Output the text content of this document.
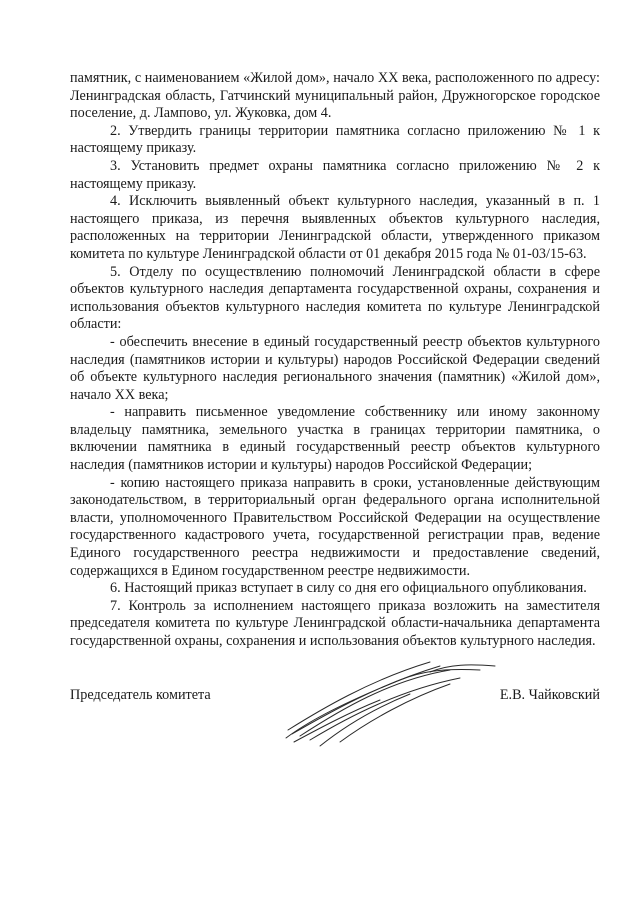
памятник, с наименованием «Жилой дом», начало XX века, расположенного по адресу: Ленинградская область, Гатчинский муниципальный район, Дружногорское городское поселение, д. Лампово, ул. Жуковка, дом 4.

2. Утвердить границы территории памятника согласно приложению № 1 к настоящему приказу.

3. Установить предмет охраны памятника согласно приложению № 2 к настоящему приказу.

4. Исключить выявленный объект культурного наследия, указанный в п. 1 настоящего приказа, из перечня выявленных объектов культурного наследия, расположенных на территории Ленинградской области, утвержденного приказом комитета по культуре Ленинградской области от 01 декабря 2015 года № 01-03/15-63.

5. Отделу по осуществлению полномочий Ленинградской области в сфере объектов культурного наследия департамента государственной охраны, сохранения и использования объектов культурного наследия комитета по культуре Ленинградской области:

- обеспечить внесение в единый государственный реестр объектов культурного наследия (памятников истории и культуры) народов Российской Федерации сведений об объекте культурного наследия регионального значения (памятник) «Жилой дом», начало XX века;

- направить письменное уведомление собственнику или иному законному владельцу памятника, земельного участка в границах территории памятника, о включении памятника в единый государственный реестр объектов культурного наследия (памятников истории и культуры) народов Российской Федерации;

- копию настоящего приказа направить в сроки, установленные действующим законодательством, в территориальный орган федерального органа исполнительной власти, уполномоченного Правительством Российской Федерации на осуществление государственного кадастрового учета, государственной регистрации прав, ведение Единого государственного реестра недвижимости и предоставление сведений, содержащихся в Едином государственном реестре недвижимости.

6. Настоящий приказ вступает в силу со дня его официального опубликования.

7. Контроль за исполнением настоящего приказа возложить на заместителя председателя комитета по культуре Ленинградской области-начальника департамента государственной охраны, сохранения и использования объектов культурного наследия.

Председатель комитета	Е.В. Чайковский
